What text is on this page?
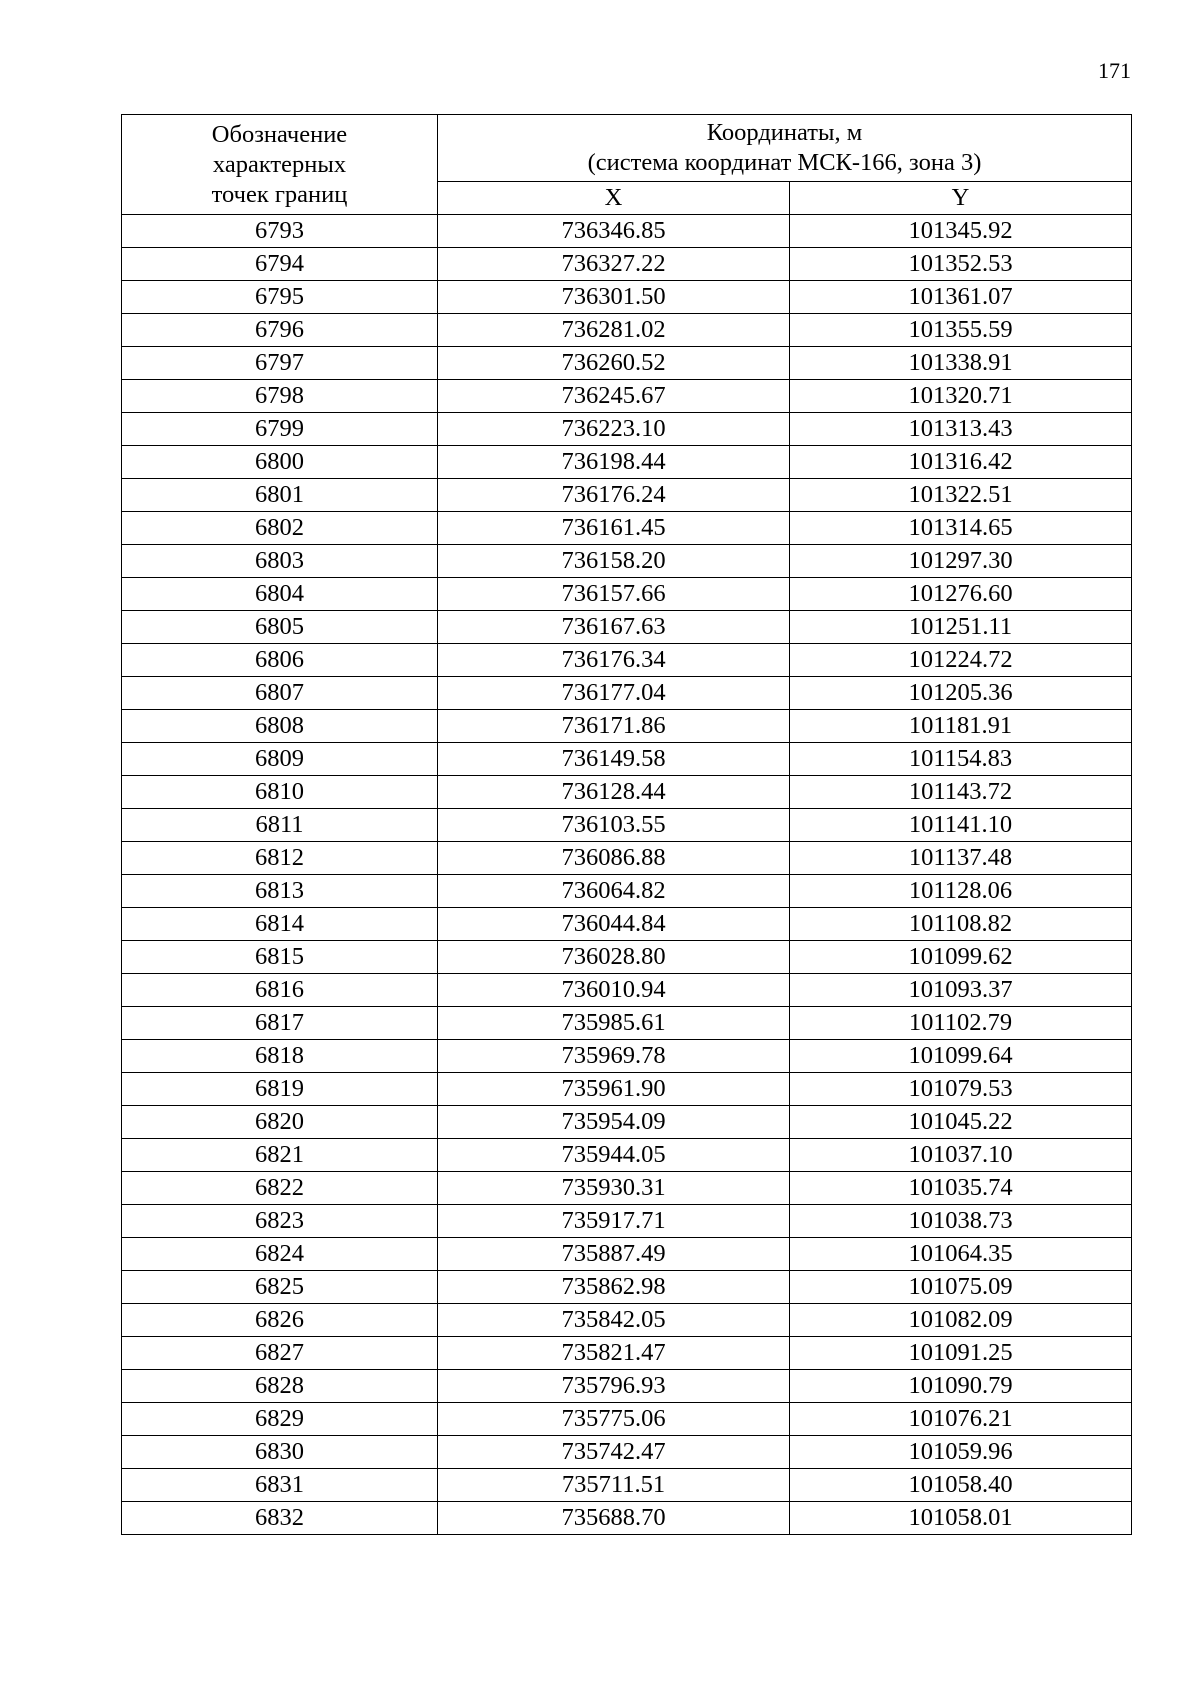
171
Обозначение
характерных
точек границ	Координаты, м
(система координат МСК-166, зона 3)	

	X	Y
6793	736346.85	101345.92
6794	736327.22	101352.53
6795	736301.50	101361.07
6796	736281.02	101355.59
6797	736260.52	101338.91
6798	736245.67	101320.71
6799	736223.10	101313.43
6800	736198.44	101316.42
6801	736176.24	101322.51
6802	736161.45	101314.65
6803	736158.20	101297.30
6804	736157.66	101276.60
6805	736167.63	101251.11
6806	736176.34	101224.72
6807	736177.04	101205.36
6808	736171.86	101181.91
6809	736149.58	101154.83
6810	736128.44	101143.72
6811	736103.55	101141.10
6812	736086.88	101137.48
6813	736064.82	101128.06
6814	736044.84	101108.82
6815	736028.80	101099.62
6816	736010.94	101093.37
6817	735985.61	101102.79
6818	735969.78	101099.64
6819	735961.90	101079.53
6820	735954.09	101045.22
6821	735944.05	101037.10
6822	735930.31	101035.74
6823	735917.71	101038.73
6824	735887.49	101064.35
6825	735862.98	101075.09
6826	735842.05	101082.09
6827	735821.47	101091.25
6828	735796.93	101090.79
6829	735775.06	101076.21
6830	735742.47	101059.96
6831	735711.51	101058.40
6832	735688.70	101058.01
